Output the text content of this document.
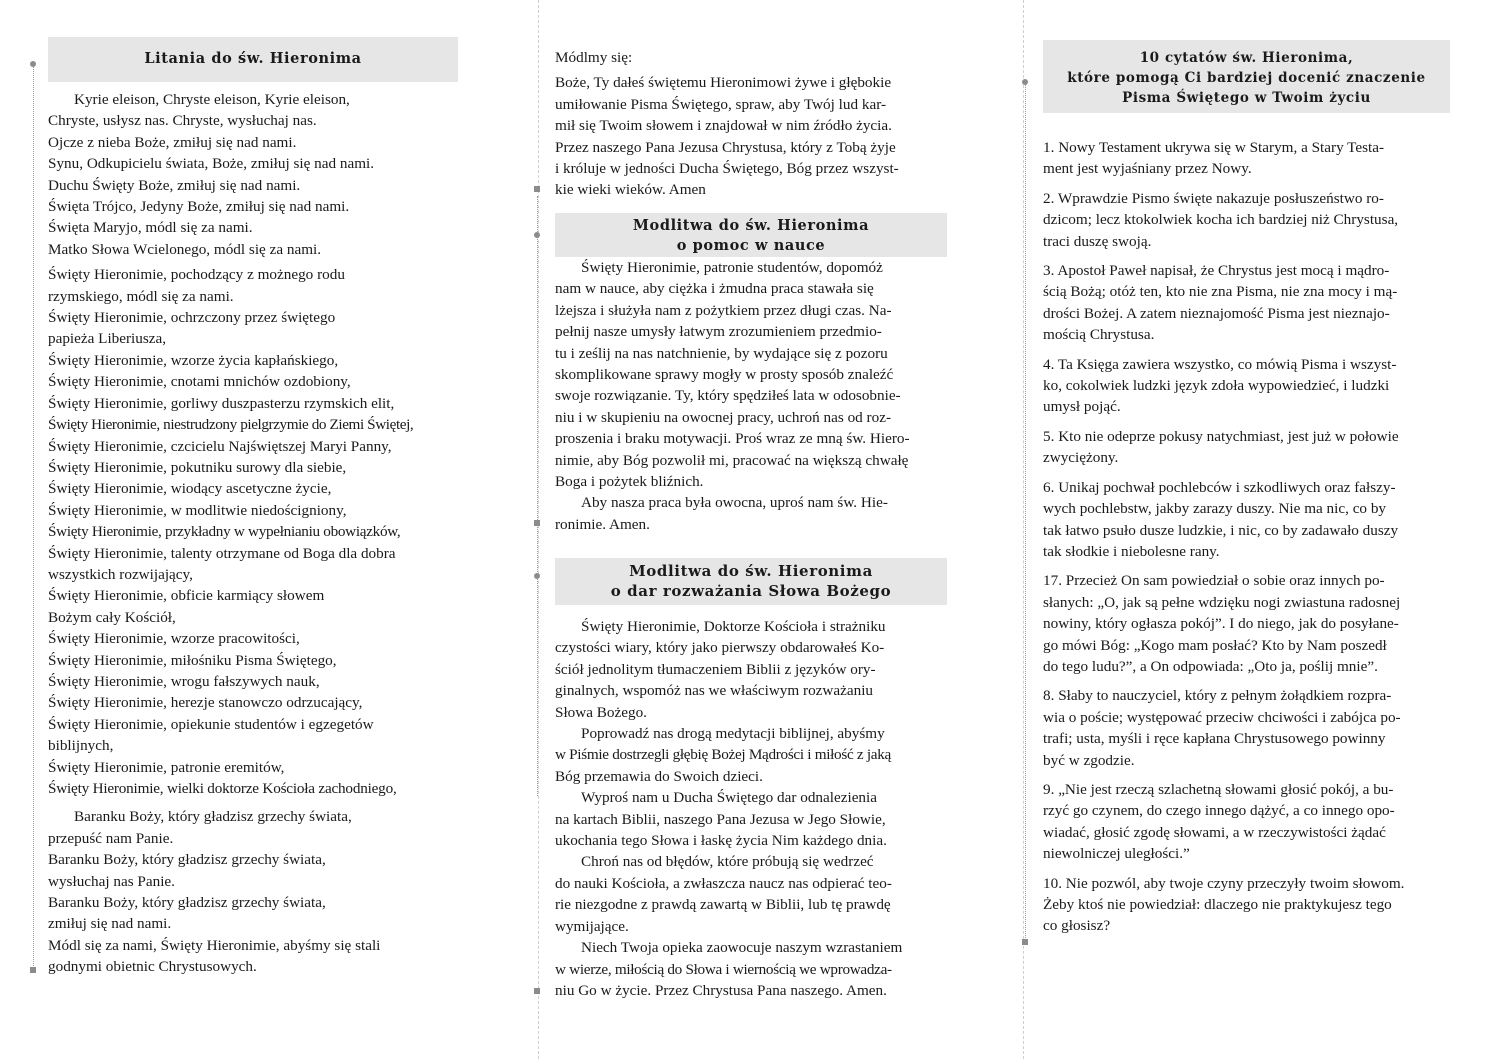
Litania do św. Hieronima

Kyrie eleison, Chryste eleison, Kyrie eleison,

Chryste, usłysz nas. Chryste, wysłuchaj nas.

Ojcze z nieba Boże, zmiłuj się nad nami.

Synu, Odkupicielu świata, Boże, zmiłuj się nad nami.

Duchu Święty Boże, zmiłuj się nad nami.

Święta Trójco, Jedyny Boże, zmiłuj się nad nami.

Święta Maryjo, módl się za nami.

Matko Słowa Wcielonego, módl się za nami.

Święty Hieronimie, pochodzący z możnego rodu

rzymskiego, módl się za nami.

Święty Hieronimie, ochrzczony przez świętego

papieża Liberiusza,

Święty Hieronimie, wzorze życia kapłańskiego,

Święty Hieronimie, cnotami mnichów ozdobiony,

Święty Hieronimie, gorliwy duszpasterzu rzymskich elit,

Święty Hieronimie, niestrudzony pielgrzymie do Ziemi Świętej,

Święty Hieronimie, czcicielu Najświętszej Maryi Panny,

Święty Hieronimie, pokutniku surowy dla siebie,

Święty Hieronimie, wiodący ascetyczne życie,

Święty Hieronimie, w modlitwie niedościgniony,

Święty Hieronimie, przykładny w wypełnianiu obowiązków,

Święty Hieronimie, talenty otrzymane od Boga dla dobra

wszystkich rozwijający,

Święty Hieronimie, obficie karmiący słowem

Bożym cały Kościół,

Święty Hieronimie, wzorze pracowitości,

Święty Hieronimie, miłośniku Pisma Świętego,

Święty Hieronimie, wrogu fałszywych nauk,

Święty Hieronimie, herezje stanowczo odrzucający,

Święty Hieronimie, opiekunie studentów i egzegetów

biblijnych,

Święty Hieronimie, patronie eremitów,

Święty Hieronimie, wielki doktorze Kościoła zachodniego,

Baranku Boży, który gładzisz grzechy świata,

przepuść nam Panie.

Baranku Boży, który gładzisz grzechy świata,

wysłuchaj nas Panie.

Baranku Boży, który gładzisz grzechy świata,

zmiłuj się nad nami.

Módl się za nami, Święty Hieronimie, abyśmy się stali

godnymi obietnic Chrystusowych.

Módlmy się:

Boże, Ty dałeś świętemu Hieronimowi żywe i głębokie

umiłowanie Pisma Świętego, spraw, aby Twój lud kar-

mił się Twoim słowem i znajdował w nim źródło życia.

Przez naszego Pana Jezusa Chrystusa, który z Tobą żyje

i króluje w jedności Ducha Świętego, Bóg przez wszyst-

kie wieki wieków. Amen

Modlitwa do św. Hieronima
o pomoc w nauce

Święty Hieronimie, patronie studentów, dopomóż

nam w nauce, aby ciężka i żmudna praca stawała się

lżejsza i służyła nam z pożytkiem przez długi czas. Na-

pełnij nasze umysły łatwym zrozumieniem przedmio-

tu i ześlij na nas natchnienie, by wydające się z pozoru

skomplikowane sprawy mogły w prosty sposób znaleźć

swoje rozwiązanie. Ty, który spędziłeś lata w odosobnie-

niu i w skupieniu na owocnej pracy, uchroń nas od roz-

proszenia i braku motywacji. Proś wraz ze mną św. Hiero-

nimie, aby Bóg pozwolił mi, pracować na większą chwałę

Boga i pożytek bliźnich.

Aby nasza praca była owocna, uproś nam św. Hie-

ronimie. Amen.

Modlitwa do św. Hieronima
o dar rozważania Słowa Bożego

Święty Hieronimie, Doktorze Kościoła i strażniku

czystości wiary, który jako pierwszy obdarowałeś Ko-

ściół jednolitym tłumaczeniem Biblii z języków ory-

ginalnych, wspomóż nas we właściwym rozważaniu

Słowa Bożego.

Poprowadź nas drogą medytacji biblijnej, abyśmy

w Piśmie dostrzegli głębię Bożej Mądrości i miłość z jaką

Bóg przemawia do Swoich dzieci.

Wyproś nam u Ducha Świętego dar odnalezienia

na kartach Biblii, naszego Pana Jezusa w Jego Słowie,

ukochania tego Słowa i łaskę życia Nim każdego dnia.

Chroń nas od błędów, które próbują się wedrzeć

do nauki Kościoła, a zwłaszcza naucz nas odpierać teo-

rie niezgodne z prawdą zawartą w Biblii, lub tę prawdę

wymijające.

Niech Twoja opieka zaowocuje naszym wzrastaniem

w wierze, miłością do Słowa i wiernością we wprowadza-

niu Go w życie. Przez Chrystusa Pana naszego. Amen.

10 cytatów św. Hieronima,
które pomogą Ci bardziej docenić znaczenie
Pisma Świętego w Twoim życiu

1. Nowy Testament ukrywa się w Starym, a Stary Testa-

ment jest wyjaśniany przez Nowy.

2. Wprawdzie Pismo święte nakazuje posłuszeństwo ro-

dzicom; lecz ktokolwiek kocha ich bardziej niż Chrystusa,

traci duszę swoją.

3. Apostoł Paweł napisał, że Chrystus jest mocą i mądro-

ścią Bożą; otóż ten, kto nie zna Pisma, nie zna mocy i mą-

drości Bożej. A zatem nieznajomość Pisma jest nieznajo-

mością Chrystusa.

4. Ta Księga zawiera wszystko, co mówią Pisma i wszyst-

ko, cokolwiek ludzki język zdoła wypowiedzieć, i ludzki

umysł pojąć.

5. Kto nie odeprze pokusy natychmiast, jest już w połowie

zwyciężony.

6. Unikaj pochwał pochlebców i szkodliwych oraz fałszy-

wych pochlebstw, jakby zarazy duszy. Nie ma nic, co by

tak łatwo psuło dusze ludzkie, i nic, co by zadawało duszy

tak słodkie i niebolesne rany.

17. Przecież On sam powiedział o sobie oraz innych po-

słanych: „O, jak są pełne wdzięku nogi zwiastuna radosnej

nowiny, który ogłasza pokój”. I do niego, jak do posyłane-

go mówi Bóg: „Kogo mam posłać? Kto by Nam poszedł

do tego ludu?”, a On odpowiada: „Oto ja, poślij mnie”.

8. Słaby to nauczyciel, który z pełnym żołądkiem rozpra-

wia o poście; występować przeciw chciwości i zabójca po-

trafi; usta, myśli i ręce kapłana Chrystusowego powinny

być w zgodzie.

9. „Nie jest rzeczą szlachetną słowami głosić pokój, a bu-

rzyć go czynem, do czego innego dążyć, a co innego opo-

wiadać, głosić zgodę słowami, a w rzeczywistości żądać

niewolniczej uległości.”

10. Nie pozwól, aby twoje czyny przeczyły twoim słowom.

Żeby ktoś nie powiedział: dlaczego nie praktykujesz tego

co głosisz?
